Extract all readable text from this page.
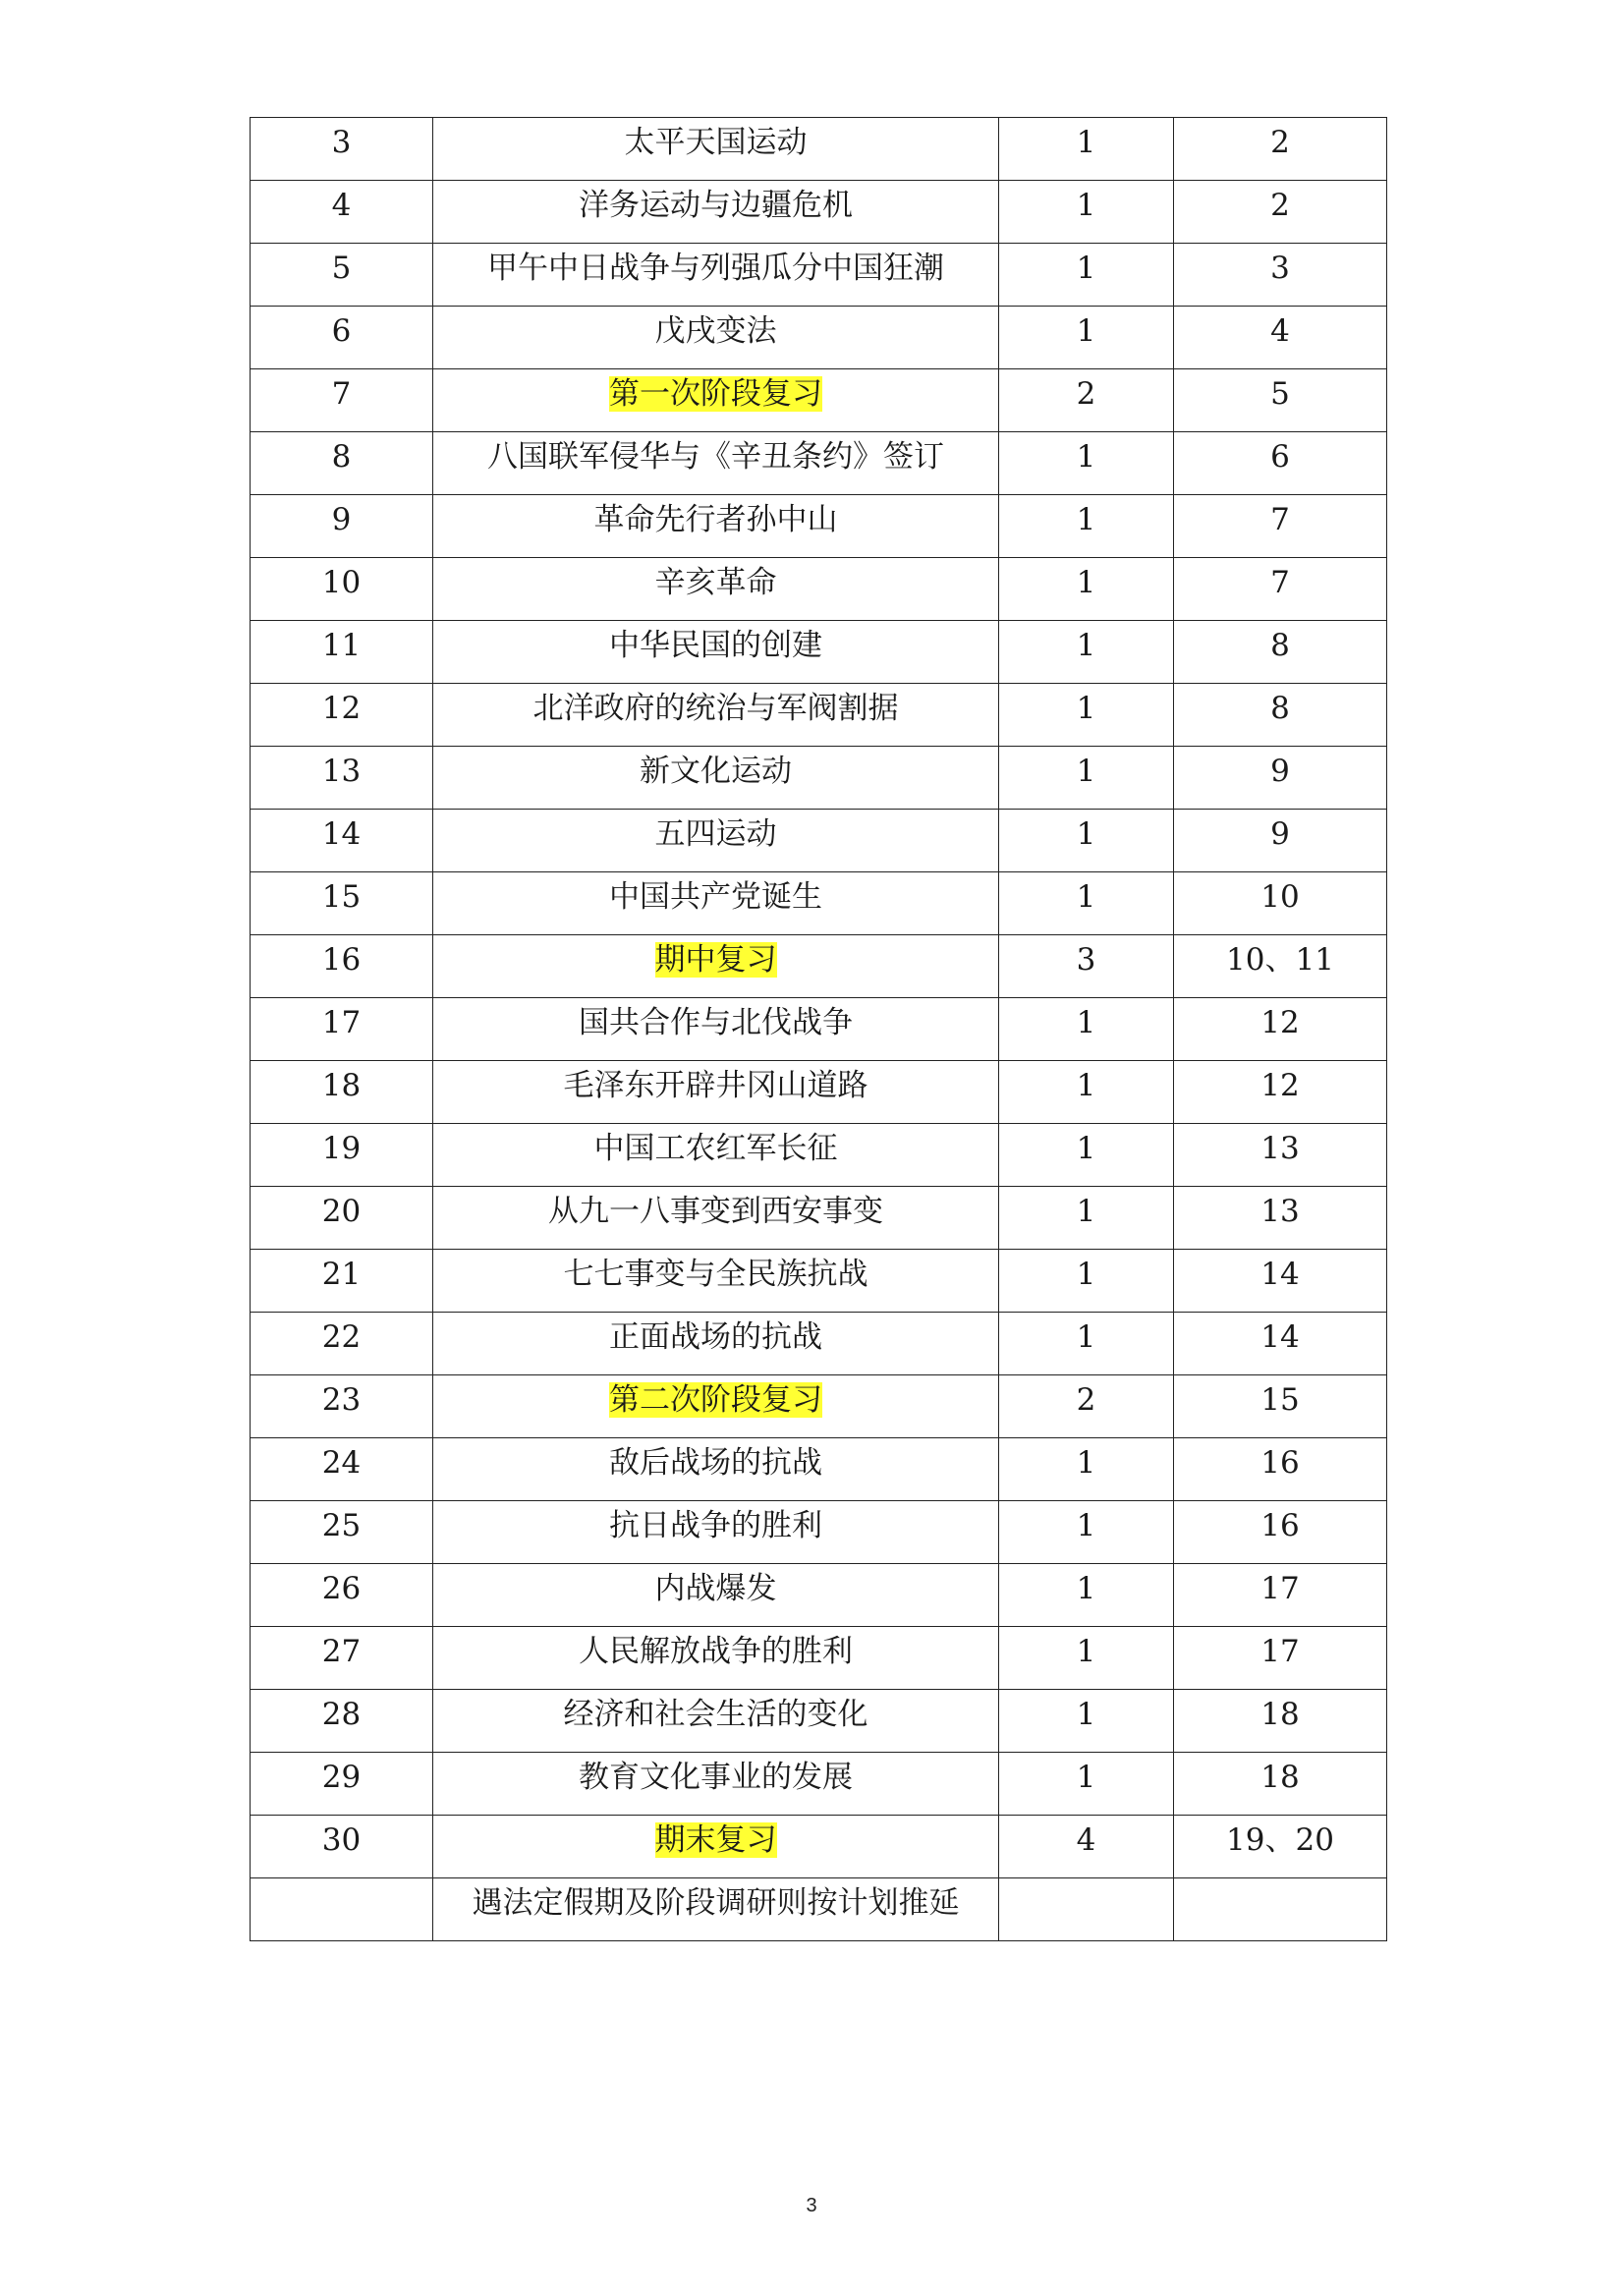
3	太平天国运动	1	2
4	洋务运动与边疆危机	1	2
5	甲午中日战争与列强瓜分中国狂潮	1	3
6	戊戌变法	1	4
7	第一次阶段复习	2	5
8	八国联军侵华与《辛丑条约》签订	1	6
9	革命先行者孙中山	1	7
10	辛亥革命	1	7
11	中华民国的创建	1	8
12	北洋政府的统治与军阀割据	1	8
13	新文化运动	1	9
14	五四运动	1	9
15	中国共产党诞生	1	10
16	期中复习	3	10、11
17	国共合作与北伐战争	1	12
18	毛泽东开辟井冈山道路	1	12
19	中国工农红军长征	1	13
20	从九一八事变到西安事变	1	13
21	七七事变与全民族抗战	1	14
22	正面战场的抗战	1	14
23	第二次阶段复习	2	15
24	敌后战场的抗战	1	16
25	抗日战争的胜利	1	16
26	内战爆发	1	17
27	人民解放战争的胜利	1	17
28	经济和社会生活的变化	1	18
29	教育文化事业的发展	1	18
30	期末复习	4	19、20
	遇法定假期及阶段调研则按计划推延		
3
